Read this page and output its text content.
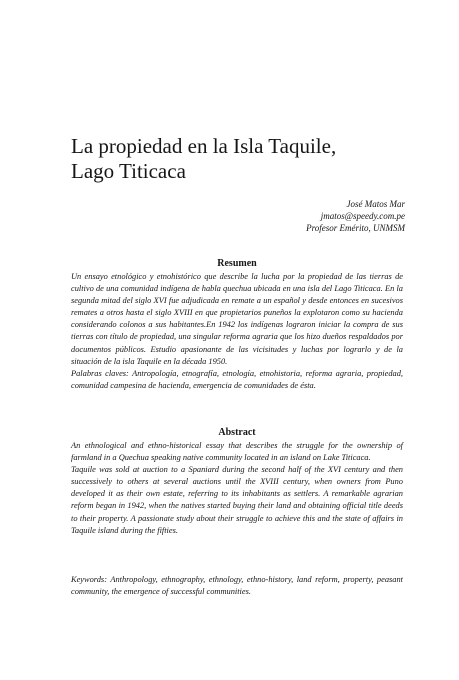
La propiedad en la Isla Taquile,
Lago Titicaca
José Matos Mar
jmatos@speedy.com.pe
Profesor Emérito, UNMSM
Resumen

Un ensayo etnológico y etnohistórico que describe la lucha por la propiedad de las tierras de cultivo de una comunidad indígena de habla quechua ubicada en una isla del Lago Titicaca. En la segunda mitad del siglo XVI fue adjudicada en remate a un español y desde entonces en sucesivos remates a otros hasta el siglo XVIII en que propietarios puneños la explotaron como su hacienda considerando colonos a sus habitantes.En 1942 los indígenas lograron iniciar la compra de sus tierras con título de propiedad, una singular reforma agraria que los hizo dueños respaldados por documentos públicos. Estudio apasionante de las vicisitudes y luchas por lograrlo y de la situación de la isla Taquile en la década 1950.

Palabras claves: Antropología, etnografía, etnología, etnohistoria, reforma agraria, propiedad, comunidad campesina de hacienda, emergencia de comunidades de ésta.

Abstract

An ethnological and ethno-historical essay that describes the struggle for the ownership of farmland in a Quechua speaking native community located in an island on Lake Titicaca.

Taquile was sold at auction to a Spaniard during the second half of the XVI century and then successively to others at several auctions until the XVIII century, when owners from Puno developed it as their own estate, referring to its inhabitants as settlers. A remarkable agrarian reform began in 1942, when the natives started buying their land and obtaining official title deeds to their property. A passionate study about their struggle to achieve this and the state of affairs in Taquile island during the fifties.

Keywords: Anthropology, ethnography, ethnology, ethno-history, land reform, property, peasant community, the emergence of successful communities.
